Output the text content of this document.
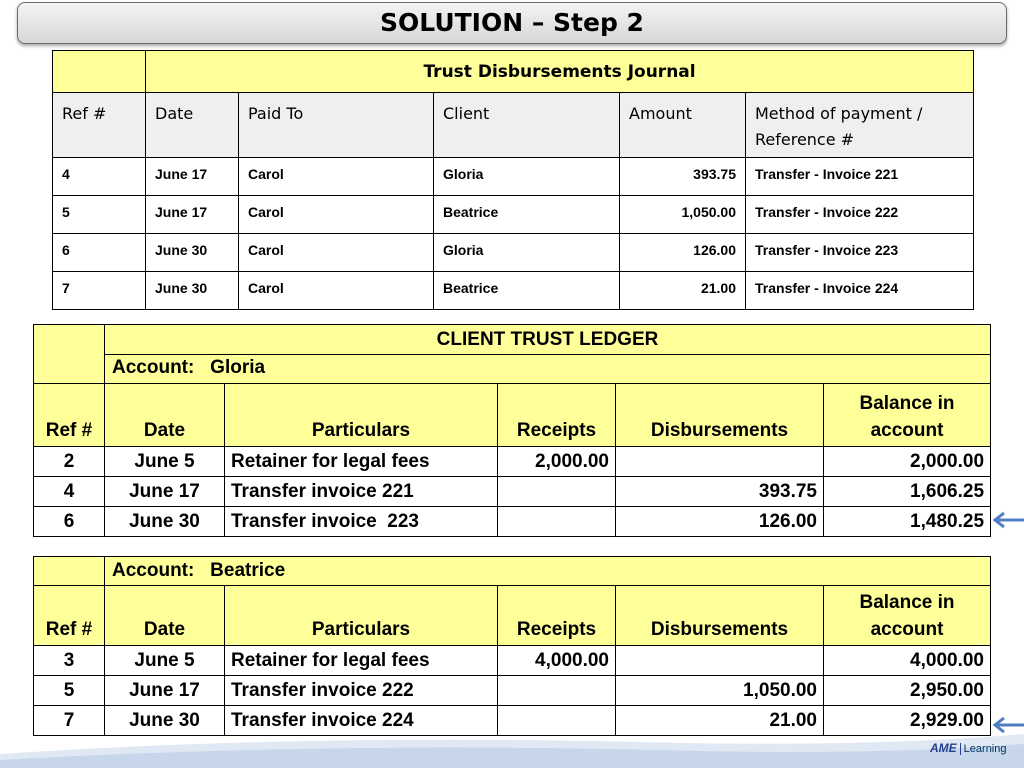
SOLUTION – Step 2
	Trust Disbursements Journal				
Ref #	Date	Paid To	Client	Amount	Method of payment / Reference #
4	June 17	Carol	Gloria	393.75	Transfer - Invoice 221
5	June 17	Carol	Beatrice	1,050.00	Transfer - Invoice 222
6	June 30	Carol	Gloria	126.00	Transfer - Invoice 223
7	June 30	Carol	Beatrice	21.00	Transfer - Invoice 224
	CLIENT TRUST LEDGER				
	Account: Gloria				
Ref #	Date	Particulars	Receipts	Disbursements	Balance in account
2	June 5	Retainer for legal fees	2,000.00		2,000.00
4	June 17	Transfer invoice 221		393.75	1,606.25
6	June 30	Transfer invoice  223		126.00	1,480.25
	Account: Beatrice				
Ref #	Date	Particulars	Receipts	Disbursements	Balance in account
3	June 5	Retainer for legal fees	4,000.00		4,000.00
5	June 17	Transfer invoice 222		1,050.00	2,950.00
7	June 30	Transfer invoice 224		21.00	2,929.00
AME Learning
